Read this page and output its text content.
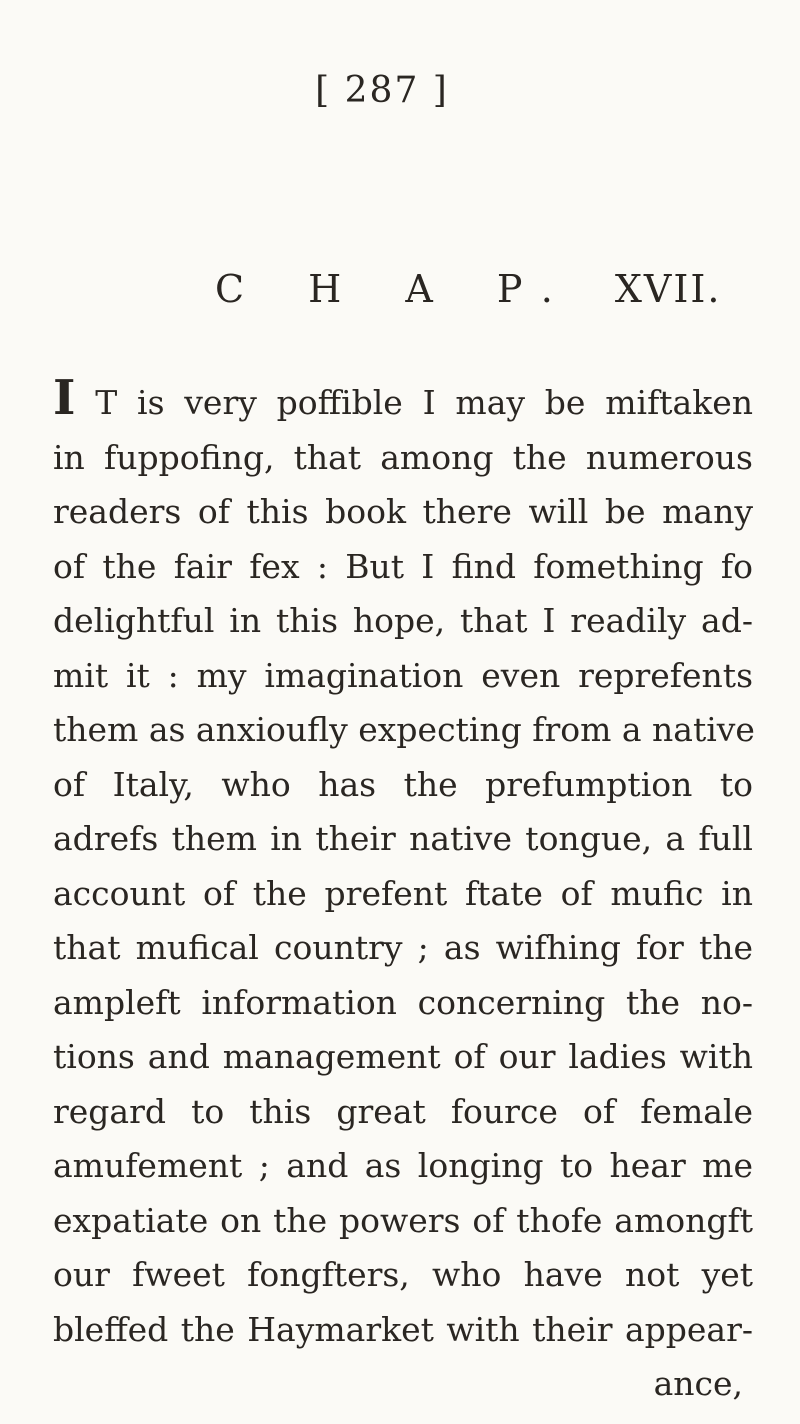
[ 287 ]
C H A P. XVII.
I T is very poffible I may be miftaken
in fuppofing, that among the numerous
readers of this book there will be many
of the fair fex : But I find fomething fo
delightful in this hope, that I readily ad-
mit it : my imagination even reprefents
them as anxioufly expecting from a native
of Italy, who has the prefumption to
adrefs them in their native tongue, a full
account of the prefent ftate of mufic in
that mufical country ; as wifhing for the
ampleft information concerning the no-
tions and management of our ladies with
regard to this great fource of female
amufement ; and as longing to hear me
expatiate on the powers of thofe amongft
our fweet fongfters, who have not yet
bleffed the Haymarket with their appear-
ance,
